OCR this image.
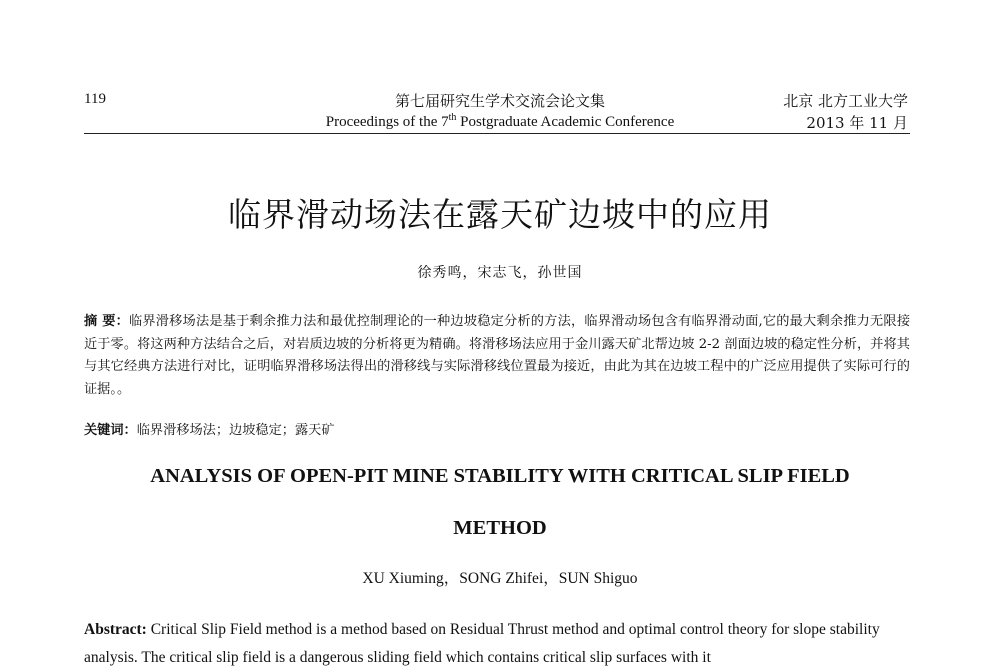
119	第七届研究生学术交流会论文集
Proceedings of the 7th Postgraduate Academic Conference
北京 北方工业大学
2013 年 11 月
临界滑动场法在露天矿边坡中的应用
徐秀鸣，宋志飞，孙世国
摘 要：临界滑移场法是基于剩余推力法和最优控制理论的一种边坡稳定分析的方法，临界滑动场包含有临界滑动面,它的最大剩余推力无限接近于零。将这两种方法结合之后，对岩质边坡的分析将更为精确。将滑移场法应用于金川露天矿北帮边坡 2-2 剖面边坡的稳定性分析，并将其与其它经典方法进行对比，证明临界滑移场法得出的滑移线与实际滑移线位置最为接近，由此为其在边坡工程中的广泛应用提供了实际可行的证据。。
关键词：临界滑移场法；边坡稳定；露天矿
ANALYSIS OF OPEN-PIT MINE STABILITY WITH CRITICAL SLIP FIELD
METHOD
XU Xiuming，SONG Zhifei，SUN Shiguo
Abstract: Critical Slip Field method is a method based on Residual Thrust method and optimal control theory for slope stability analysis. The critical slip field is a dangerous sliding field which contains critical slip surfaces with it
